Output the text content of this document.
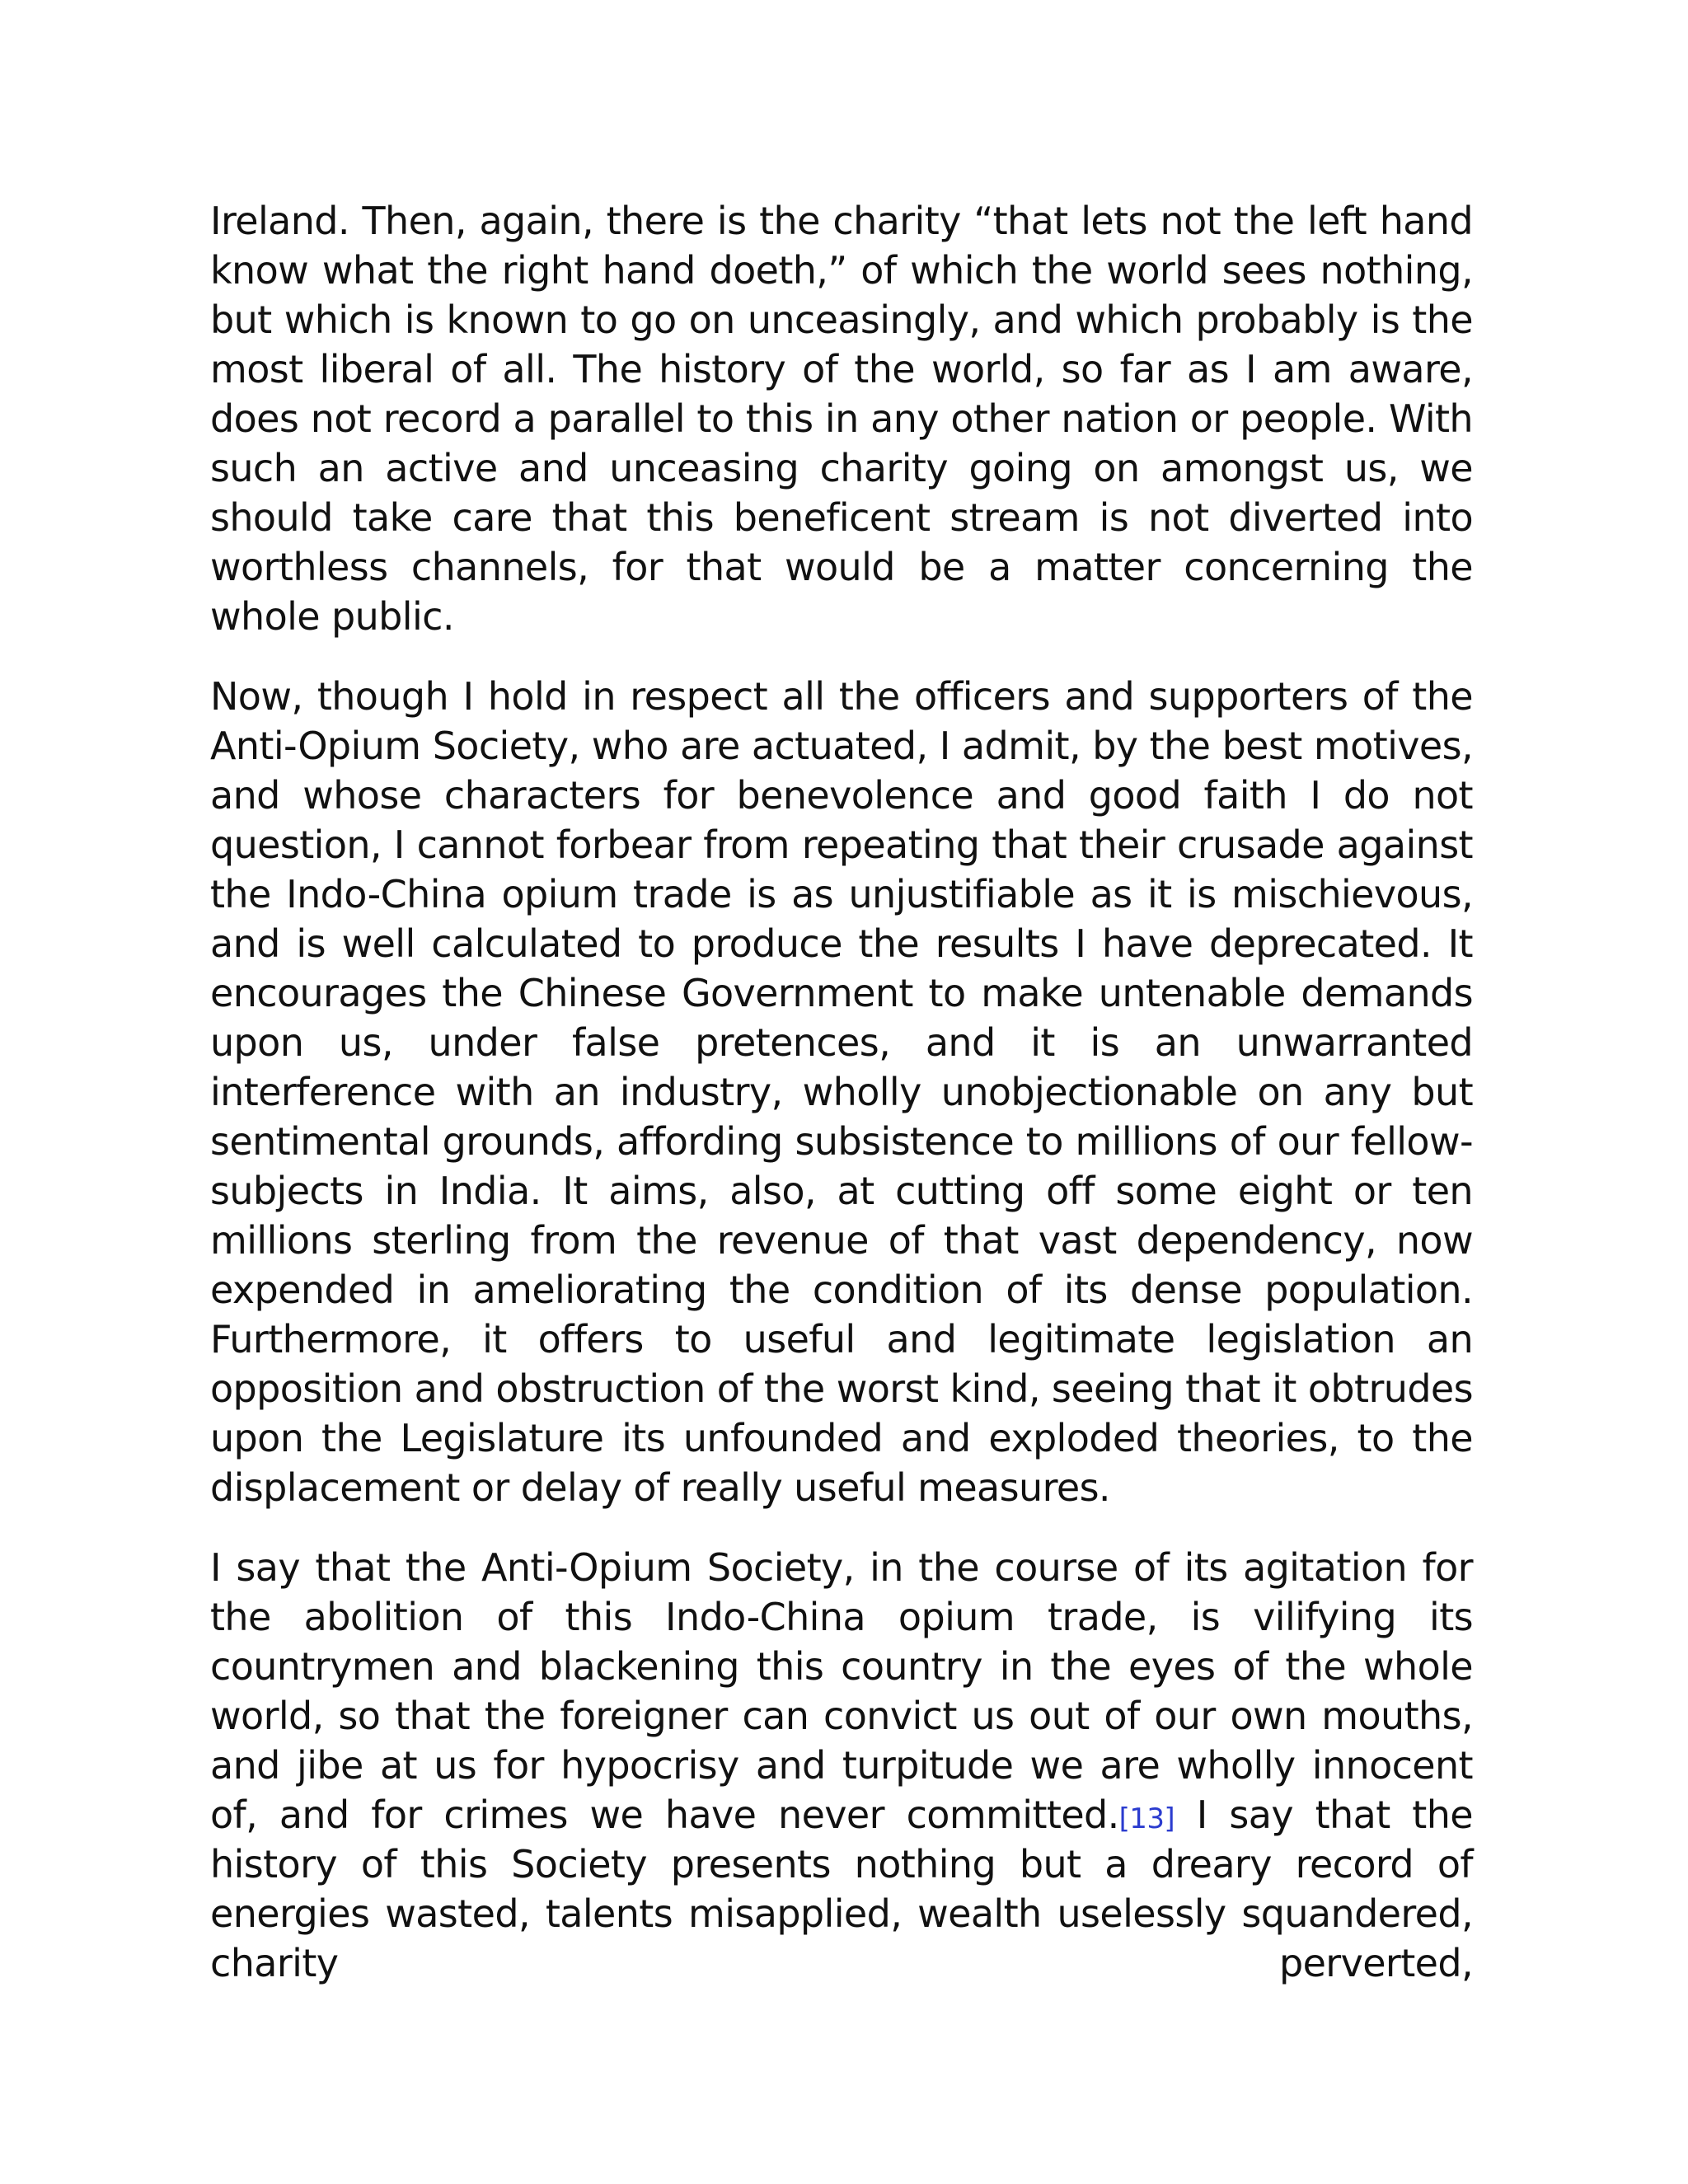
Ireland. Then, again, there is the charity “that lets not the left hand know what the right hand doeth,” of which the world sees nothing, but which is known to go on unceasingly, and which probably is the most liberal of all. The history of the world, so far as I am aware, does not record a parallel to this in any other nation or people. With such an active and unceasing charity going on amongst us, we should take care that this beneficent stream is not diverted into worthless channels, for that would be a matter concerning the whole public.

Now, though I hold in respect all the officers and supporters of the Anti-Opium Society, who are actuated, I admit, by the best motives, and whose characters for benevolence and good faith I do not question, I cannot forbear from repeating that their crusade against the Indo-China opium trade is as unjustifiable as it is mischievous, and is well calculated to produce the results I have deprecated. It encourages the Chinese Government to make untenable demands upon us, under false pretences, and it is an unwarranted interference with an industry, wholly unobjectionable on any but sentimental grounds, affording subsistence to millions of our fellow-subjects in India. It aims, also, at cutting off some eight or ten millions sterling from the revenue of that vast dependency, now expended in ameliorating the condition of its dense population. Furthermore, it offers to useful and legitimate legislation an opposition and obstruction of the worst kind, seeing that it obtrudes upon the Legislature its unfounded and exploded theories, to the displacement or delay of really useful measures.

I say that the Anti-Opium Society, in the course of its agitation for the abolition of this Indo-China opium trade, is vilifying its countrymen and blackening this country in the eyes of the whole world, so that the foreigner can convict us out of our own mouths, and jibe at us for hypocrisy and turpitude we are wholly innocent of, and for crimes we have never committed.[13] I say that the history of this Society presents nothing but a dreary record of energies wasted, talents misapplied, wealth uselessly squandered, charity perverted,
